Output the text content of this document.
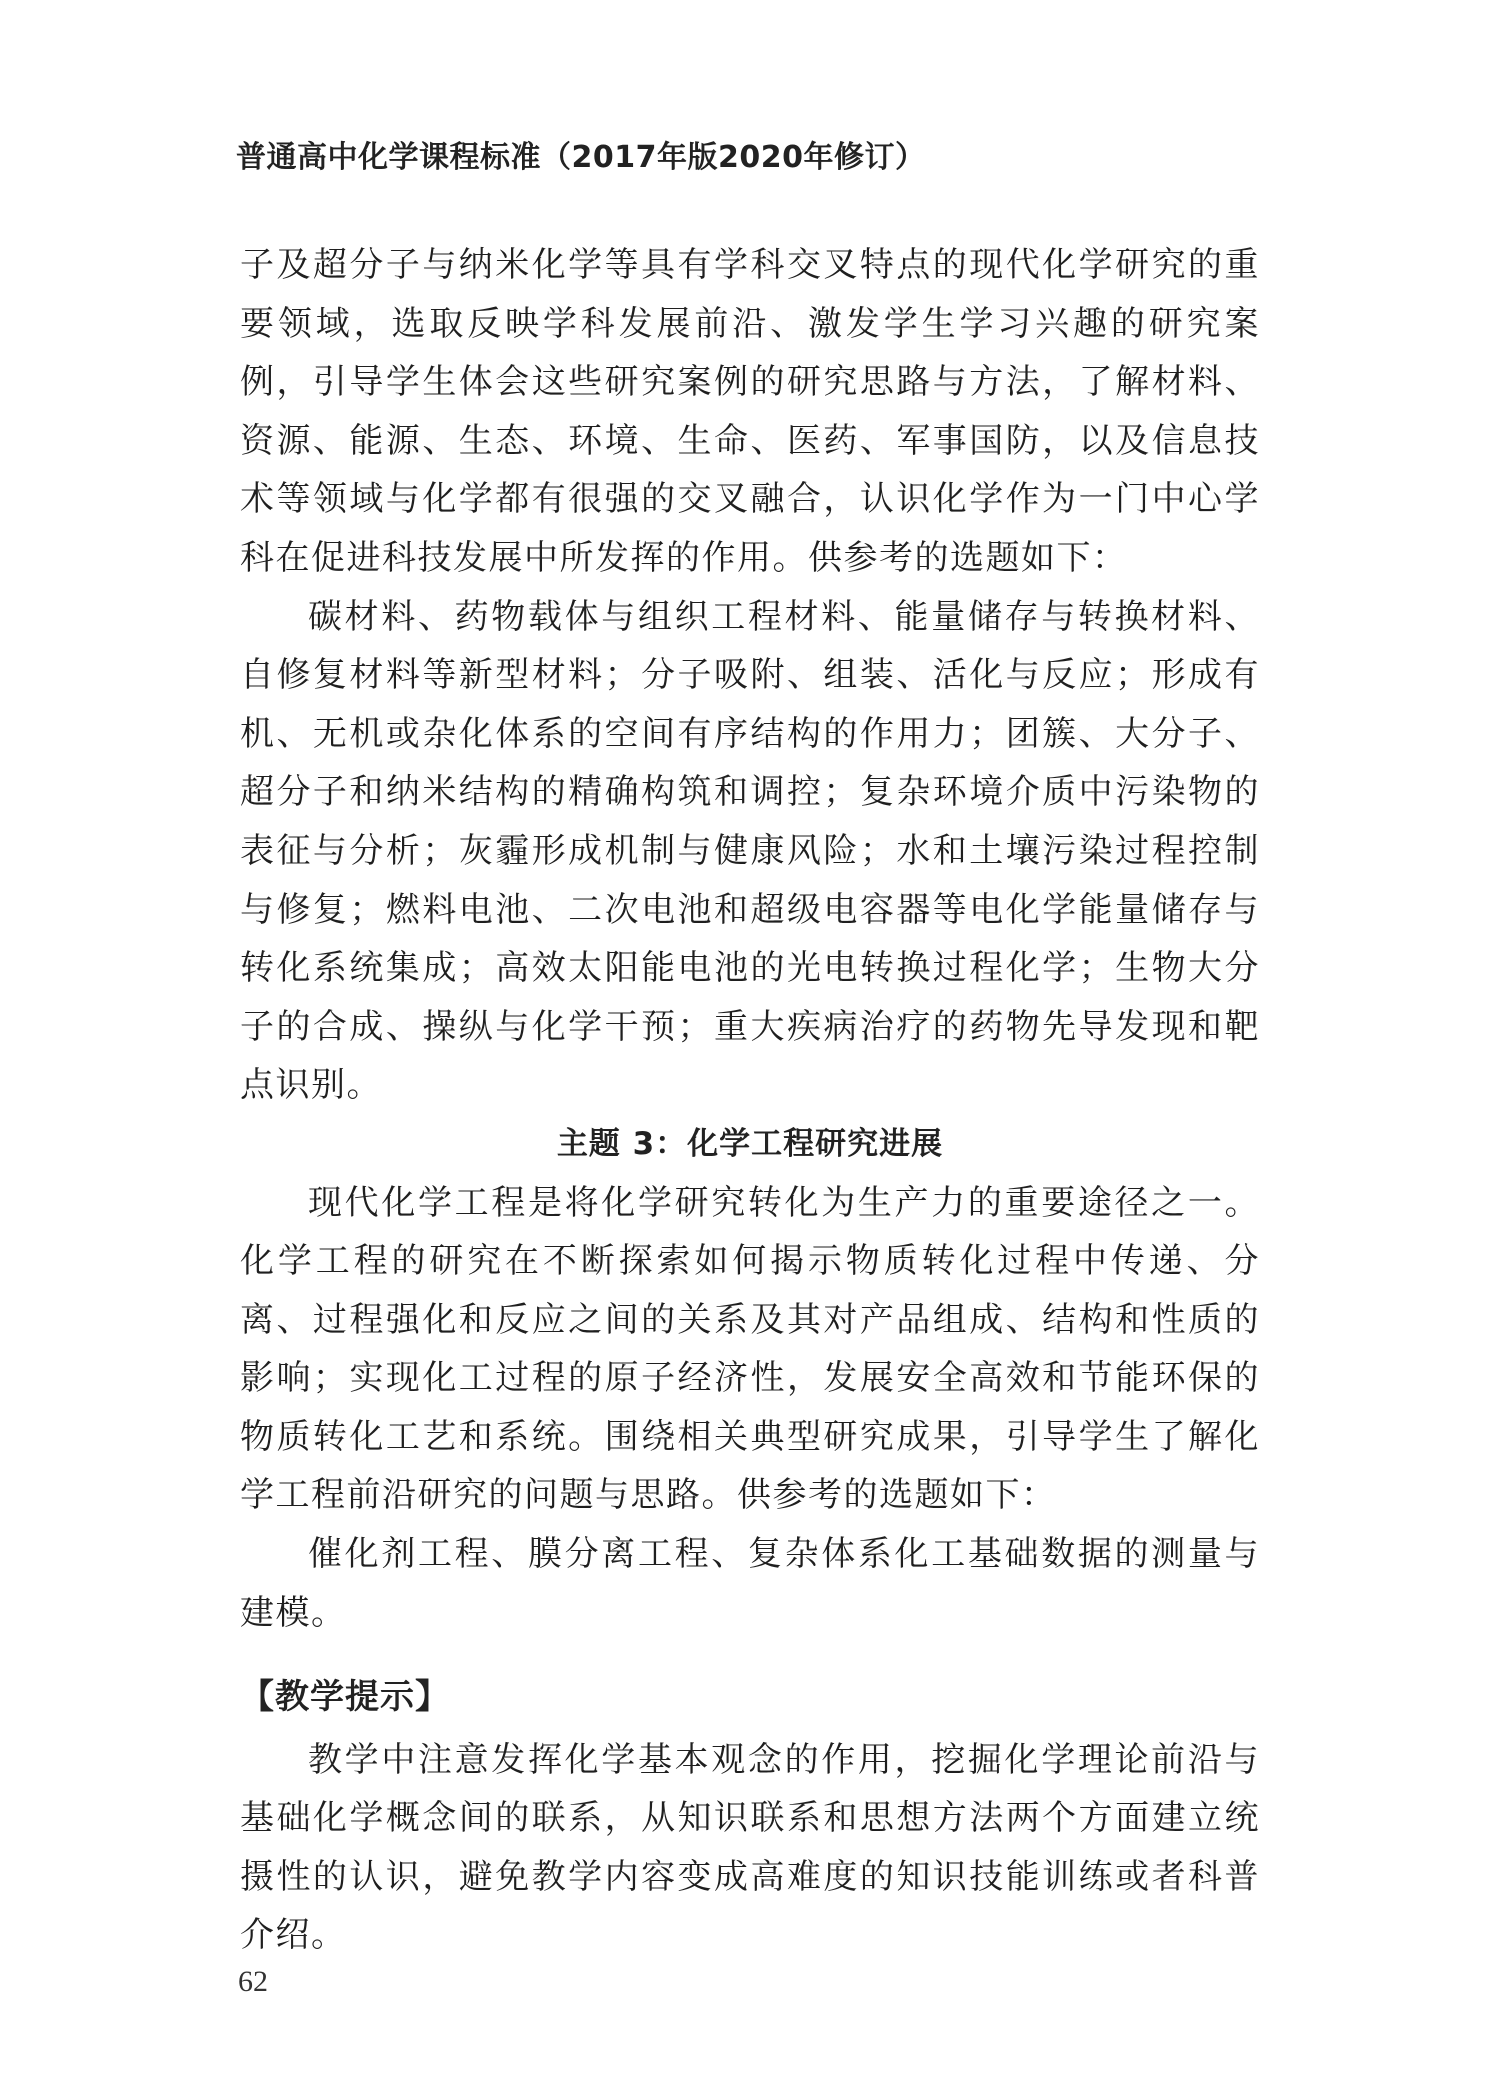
普通高中化学课程标准（2017年版2020年修订）

子及超分子与纳米化学等具有学科交叉特点的现代化学研究的重要领域，选取反映学科发展前沿、激发学生学习兴趣的研究案例，引导学生体会这些研究案例的研究思路与方法，了解材料、资源、能源、生态、环境、生命、医药、军事国防，以及信息技术等领域与化学都有很强的交叉融合，认识化学作为一门中心学科在促进科技发展中所发挥的作用。供参考的选题如下：

碳材料、药物载体与组织工程材料、能量储存与转换材料、自修复材料等新型材料；分子吸附、组装、活化与反应；形成有机、无机或杂化体系的空间有序结构的作用力；团簇、大分子、超分子和纳米结构的精确构筑和调控；复杂环境介质中污染物的表征与分析；灰霾形成机制与健康风险；水和土壤污染过程控制与修复；燃料电池、二次电池和超级电容器等电化学能量储存与转化系统集成；高效太阳能电池的光电转换过程化学；生物大分子的合成、操纵与化学干预；重大疾病治疗的药物先导发现和靶点识别。

主题 3：化学工程研究进展

现代化学工程是将化学研究转化为生产力的重要途径之一。化学工程的研究在不断探索如何揭示物质转化过程中传递、分离、过程强化和反应之间的关系及其对产品组成、结构和性质的影响；实现化工过程的原子经济性，发展安全高效和节能环保的物质转化工艺和系统。围绕相关典型研究成果，引导学生了解化学工程前沿研究的问题与思路。供参考的选题如下：

催化剂工程、膜分离工程、复杂体系化工基础数据的测量与建模。

【教学提示】

教学中注意发挥化学基本观念的作用，挖掘化学理论前沿与基础化学概念间的联系，从知识联系和思想方法两个方面建立统摄性的认识，避免教学内容变成高难度的知识技能训练或者科普介绍。

62
